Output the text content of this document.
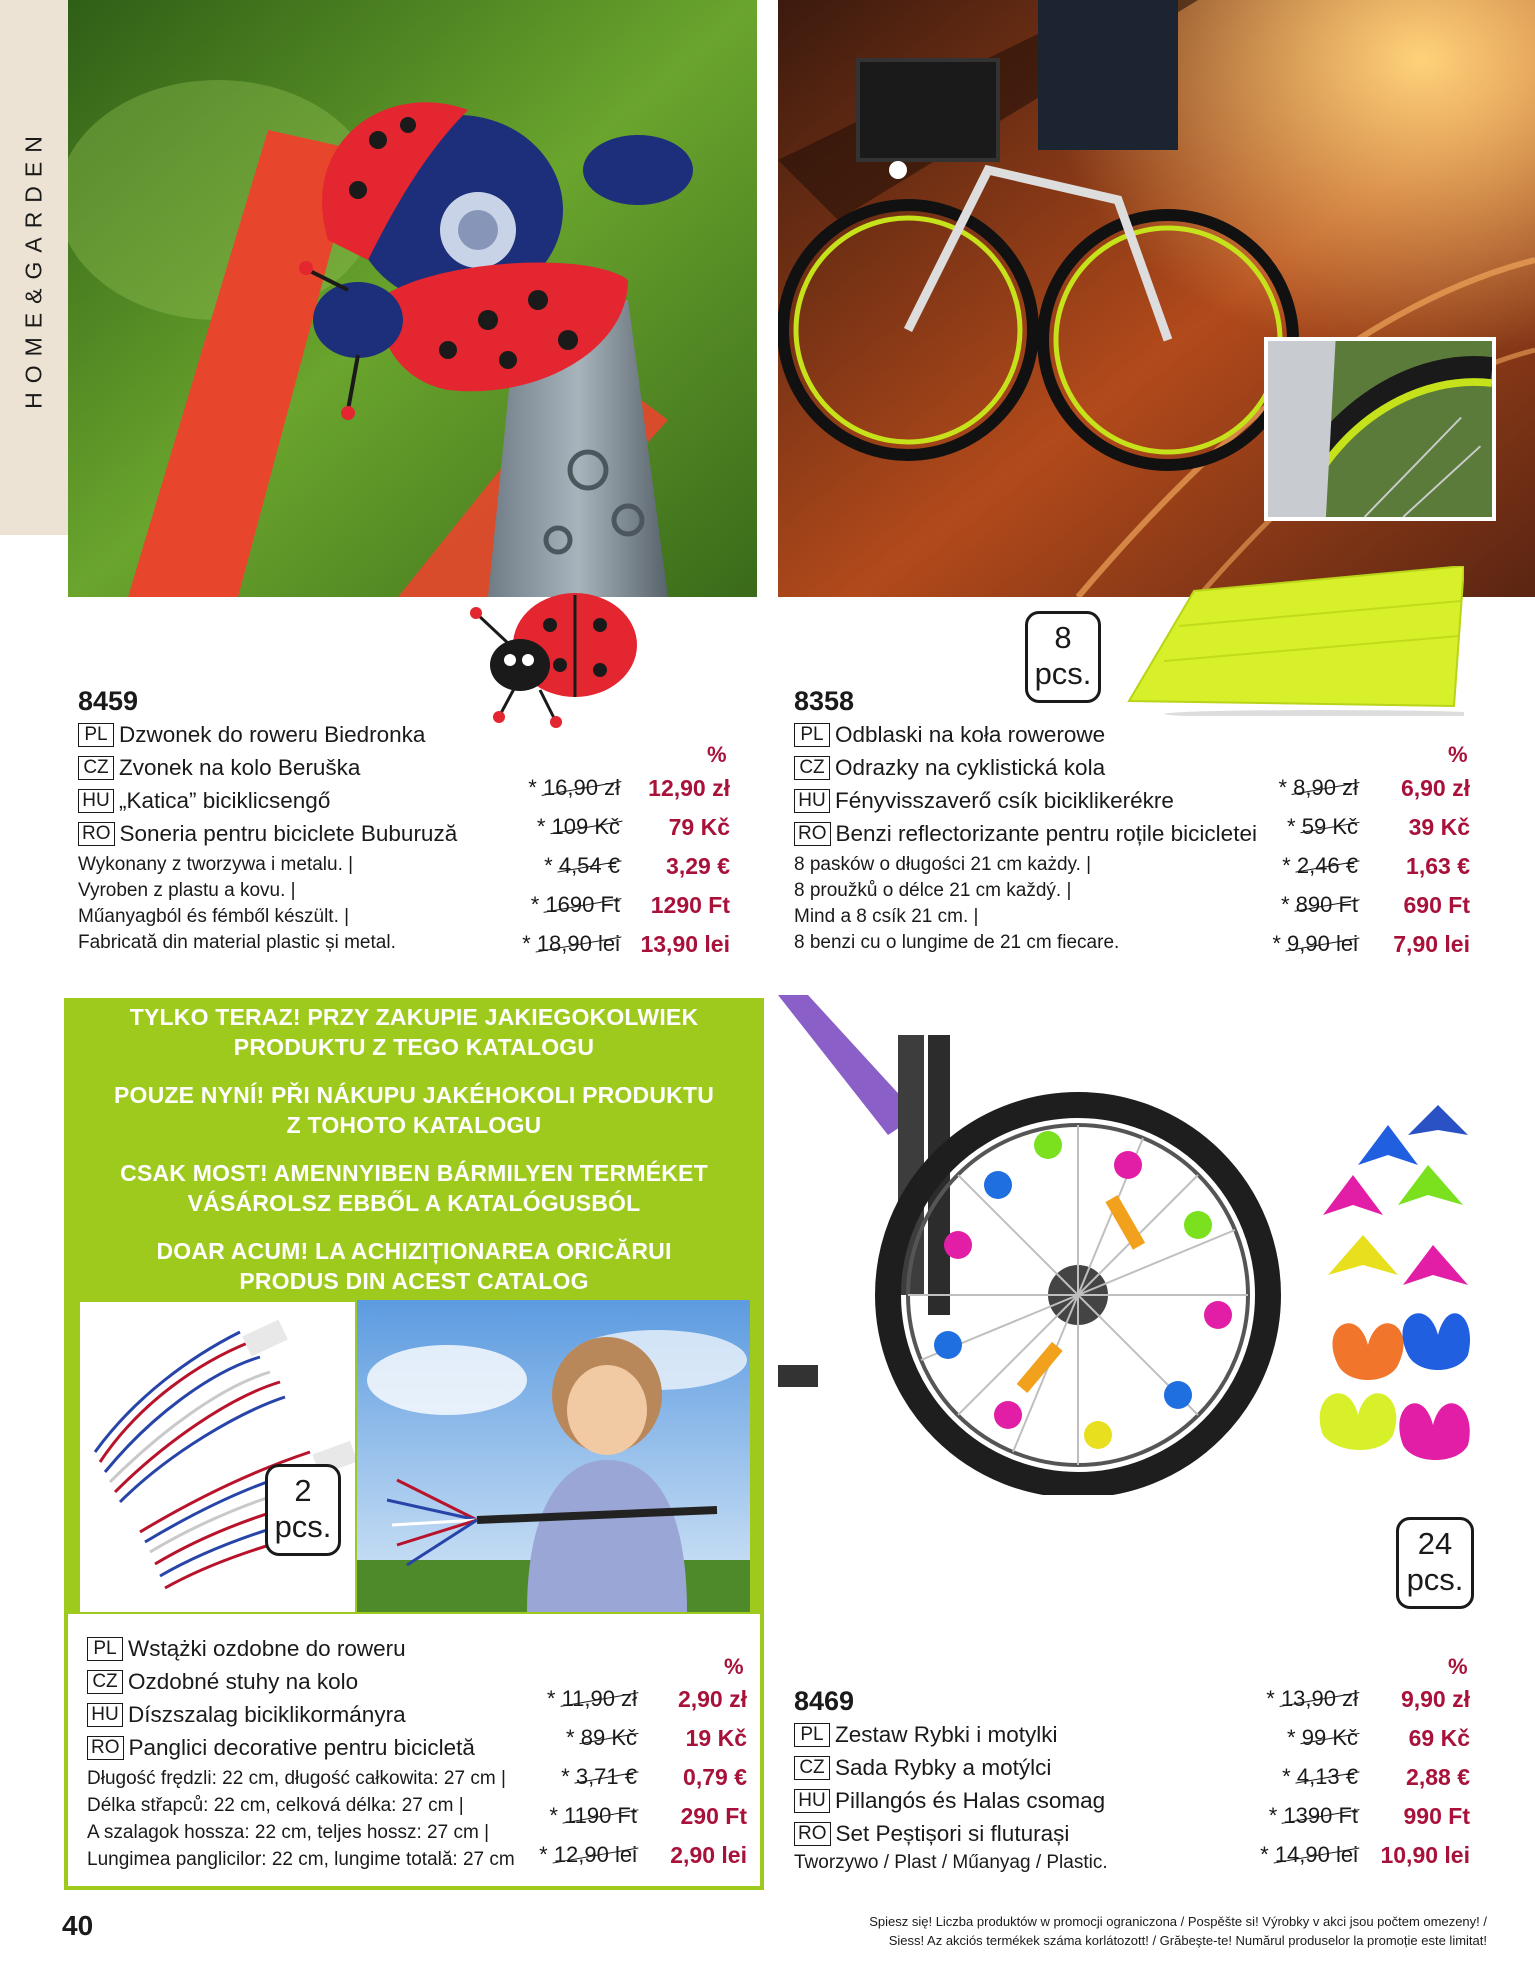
HOME&GARDEN
TYLKO TERAZ! PRZY ZAKUPIE JAKIEGOKOLWIEK
PRODUKTU Z TEGO KATALOGU
POUZE NYNÍ! PŘI NÁKUPU JAKÉHOKOLI PRODUKTU
Z TOHOTO KATALOGU
CSAK MOST! AMENNYIBEN BÁRMILYEN TERMÉKET
VÁSÁROLSZ EBBŐL A KATALÓGUSBÓL
DOAR ACUM! LA ACHIZIȚIONAREA ORICĂRUI
PRODUS DIN ACEST CATALOG
8
pcs.
2
pcs.	24
pcs.
8459
PL Dzwonek do roweru Biedronka
CZ Zvonek na kolo Beruška
HU „Katica” biciklicsengő
RO Soneria pentru biciclete Buburuză
Wykonany z tworzywa i metalu. |
Vyroben z plastu a kovu. |
Műanyagból és fémből készült. |
Fabricată din material plastic și metal.
%
* 16,90 zł 12,90 zł
* 109 Kč 79 Kč
* 4,54 € 3,29 €
* 1690 Ft 1290 Ft
* 18,90 lei 13,90 lei
8358
PL Odblaski na koła rowerowe
CZ Odrazky na cyklistická kola
HU Fényvisszaverő csík biciklikerékre
RO Benzi reflectorizante pentru roțile bicicletei
8 pasków o długości 21 cm każdy. |
8 proužků o délce 21 cm každý. |
Mind a 8 csík 21 cm. |
8 benzi cu o lungime de 21 cm fiecare.
%
* 8,90 zł 6,90 zł
* 59 Kč 39 Kč
* 2,46 € 1,63 €
* 890 Ft 690 Ft
* 9,90 lei 7,90 lei
PL Wstążki ozdobne do roweru
CZ Ozdobné stuhy na kolo
HU Díszszalag biciklikormányra
RO Panglici decorative pentru bicicletă
Długość frędzli: 22 cm, długość całkowita: 27 cm |
Délka střapců: 22 cm, celková délka: 27 cm |
A szalagok hossza: 22 cm, teljes hossz: 27 cm |
Lungimea panglicilor: 22 cm, lungime totală: 27 cm
%
* 11,90 zł 2,90 zł
* 89 Kč 19 Kč
* 3,71 € 0,79 €
* 1190 Ft 290 Ft
* 12,90 lei 2,90 lei
8469
PL Zestaw Rybki i motylki
CZ Sada Rybky a motýlci
HU Pillangós és Halas csomag
RO Set Peștișori si fluturași
Tworzywo / Plast / Műanyag / Plastic.
%
* 13,90 zł 9,90 zł
* 99 Kč 69 Kč
* 4,13 € 2,88 €
* 1390 Ft 990 Ft
* 14,90 lei 10,90 lei
40	Spiesz się! Liczba produktów w promocji ograniczona / Pospěšte si! Výrobky v akci jsou počtem omezeny! / Siess! Az akciós termékek száma korlátozott! / Grăbeşte-te! Numărul produselor la promoție este limitat!
